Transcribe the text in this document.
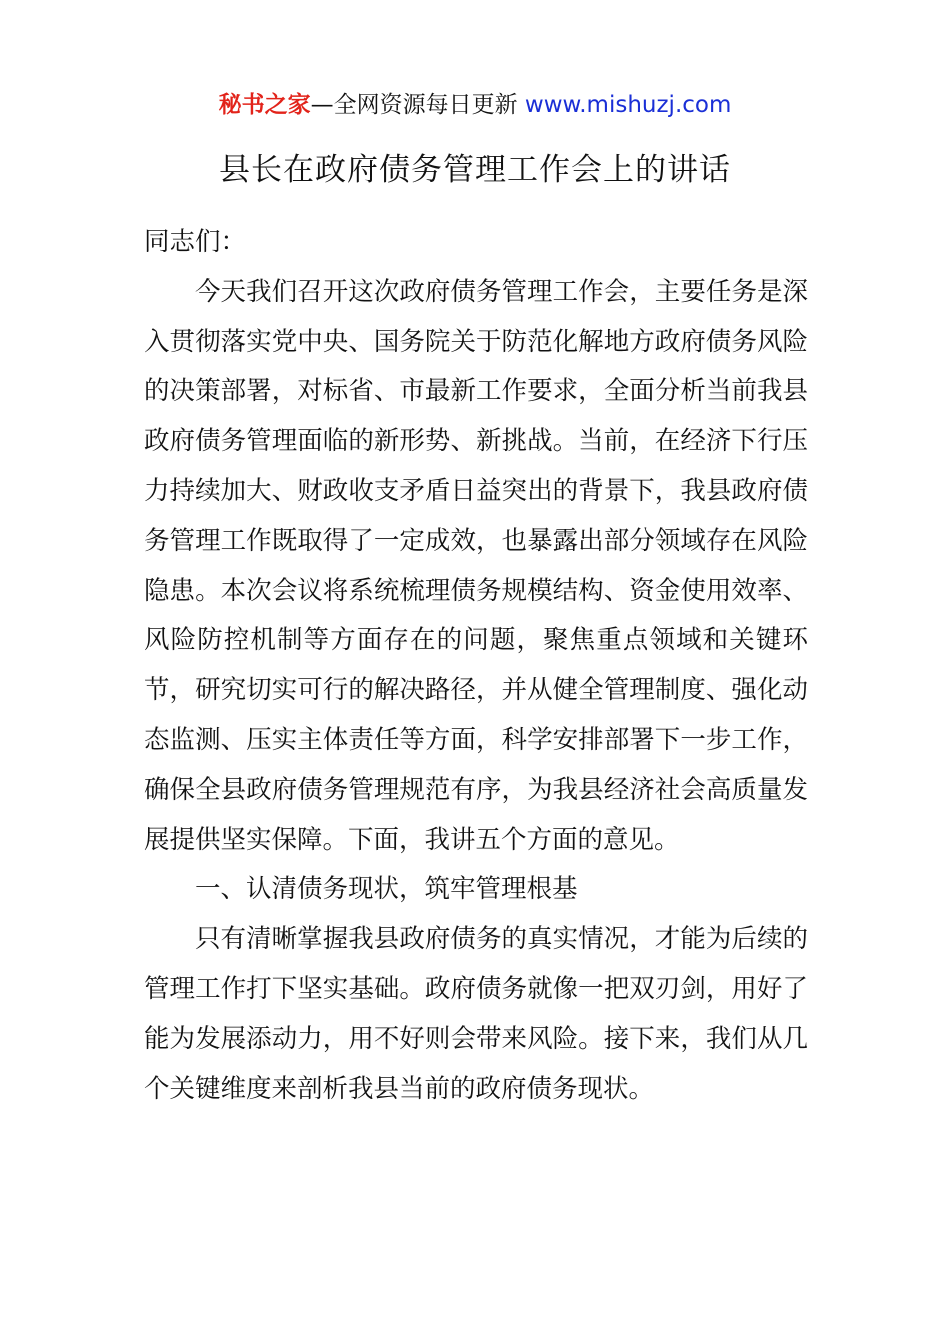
秘书之家—全网资源每日更新 www.mishuzj.com
县长在政府债务管理工作会上的讲话

同志们：

今天我们召开这次政府债务管理工作会，主要任务是深入贯彻落实党中央、国务院关于防范化解地方政府债务风险的决策部署，对标省、市最新工作要求，全面分析当前我县政府债务管理面临的新形势、新挑战。当前，在经济下行压力持续加大、财政收支矛盾日益突出的背景下，我县政府债务管理工作既取得了一定成效，也暴露出部分领域存在风险隐患。本次会议将系统梳理债务规模结构、资金使用效率、风险防控机制等方面存在的问题，聚焦重点领域和关键环节，研究切实可行的解决路径，并从健全管理制度、强化动态监测、压实主体责任等方面，科学安排部署下一步工作，确保全县政府债务管理规范有序，为我县经济社会高质量发展提供坚实保障。下面，我讲五个方面的意见。

一、认清债务现状，筑牢管理根基

只有清晰掌握我县政府债务的真实情况，才能为后续的管理工作打下坚实基础。政府债务就像一把双刃剑，用好了能为发展添动力，用不好则会带来风险。接下来，我们从几个关键维度来剖析我县当前的政府债务现状。
